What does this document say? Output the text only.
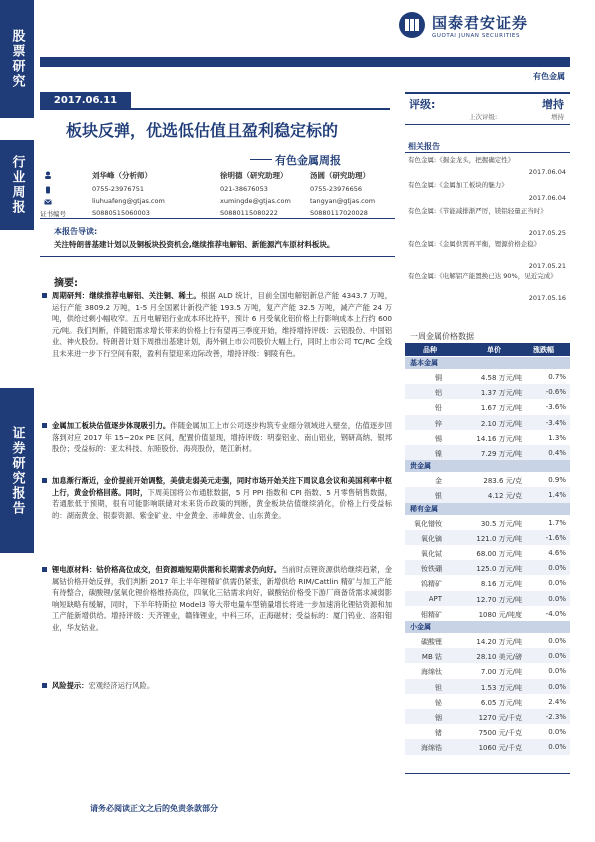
股票研究
行业周报
证券研究报告
国泰君安证券
GUOTAI JUNAN SECURITIES
有色金属
2017.06.11
板块反弹，优选低估值且盈利稳定标的
有色金属周报
刘华峰（分析师）	徐明德（研究助理）	汤圆（研究助理）
0755-23976751	021-38676053	0755-23976656
liuhuafeng@gtjas.com	xumingde@gtjas.com	tangyan@gtjas.com
证书编号	S0880515060003	S0880115080222	S0880117020028
本报告导读:
关注特朗普基建计划以及铜板块投资机会,继续推荐电解铝、新能源汽车原材料板块。
摘要:
周期研判：继续推荐电解铝、关注铜、稀土。根据 ALD 统计，目前全国电解铝新总产能 4343.7 万吨，运行产能 3809.2 万吨，1-5 月全国累计新投产能 193.5 万吨，复产产能 32.5 万吨，减产产能 24 万吨，供给过剩小幅收窄。五月电解铝行业成本环比持平，预计 6 月受氧化铝价格上行影响成本上行约 600 元/吨。我们判断，伴随铝需求增长带来的价格上行有望再三季度开始，维持增持评级：云铝股份、中国铝业、神火股份。特朗普计划下周推出基建计划，海外铜上市公司股价大幅上行，同时上市公司 TC/RC 全线且未来进一步下行空间有限，盈利有望迎来边际改善，增持评级：铜陵有色。
金属加工板块估值逐步体现吸引力。伴随金属加工上市公司逐步构筑专业细分领域进入壁垒，估值逐步回落到对应 2017 年 15~20x PE 区间，配置价值显现，增持评级：明泰铝业、南山铝业，钢研高纳、银邦股份；受益标的：亚太科技、东睦股份、海亮股份，楚江新材。
加息渐行渐近，金价提前开始调整，美债走弱美元走强，同时市场开始关注下周议息会议和美国利率中枢上行，黄金价格回落。同时，下周美国将公布通胀数据，5 月 PPI 指数和 CPI 指数、5 月零售销售数据，若通胀低于预期，很有可能影响联储对未来货币政策的判断，黄金板块估值继续消化，价格上行受益标的：湖南黄金、银泰资源、紫金矿业、中金黄金、赤峰黄金、山东黄金。
锂电原材料：钴价格高位成交，但资源端短期供需和长期需求仍向好。当前时点锂资源供给继续趋紧，金属钴价格开始反弹，我们判断 2017 年上半年锂精矿供需仍紧张，新增供给 RIM/Cattlin 精矿与加工产能有待整合，碳酸锂/氢氧化锂价格维持高位，四氧化三钴需求向好，碳酸钴价格受下游厂商备货需求减弱影响短缺略有缓解，同时，下半年特斯拉 Model3 等大带电量车型销量增长将进一步加速消化锂钴资源和加工产能新增供给。增持评级：天齐锂业，赣锋锂业，中科三环，正海磁材；受益标的：厦门钨业、洛阳钼业，华友钴业。
风险提示：宏观经济运行风险。
请务必阅读正文之后的免责条款部分
评级:	增持
上次评级:	增持
相关报告
有色金属:《掘金龙头，把握确定性》
2017.06.04
有色金属:《金属加工板块的魅力》
2017.06.04
有色金属:《节能减排渐严厉，镁铝轻量正当时》
2017.05.25
有色金属:《金属供需再平衡，锂源价格企稳》
2017.05.21
有色金属:《电解铝产能置换已达 90%，见近完成》
2017.05.16
一周金属价格数据
品种	单价	涨跌幅
基本金属
铜	4.58 万元/吨	0.7%
铝	1.37 万元/吨	-0.6%
铅	1.67 万元/吨	-3.6%
锌	2.10 万元/吨	-3.4%
锡	14.16 万元/吨	1.3%
镍	7.29 万元/吨	0.4%
贵金属
金	283.6 元/克	0.9%
银	4.12 元/克	1.4%
稀有金属
氧化镨钕	30.5 万元/吨	1.7%
氧化镝	121.0 万元/吨	-1.6%
氧化铽	68.00 万元/吨	4.6%
钕铁硼	125.0 万元/吨	0.0%
钨精矿	8.16 万元/吨	0.0%
APT	12.70 万元/吨	0.0%
钼精矿	1080 元/吨度	-4.0%
小金属
碳酸锂	14.20 万元/吨	0.0%
MB 钴	28.10 美元/磅	0.0%
海绵钛	7.00 万元/吨	0.0%
钽	1.53 万元/吨	0.0%
铋	6.05 万元/吨	2.4%
铟	1270 元/千克	-2.3%
锗	7500 元/千克	0.0%
海绵锆	1060 元/千克	0.0%
